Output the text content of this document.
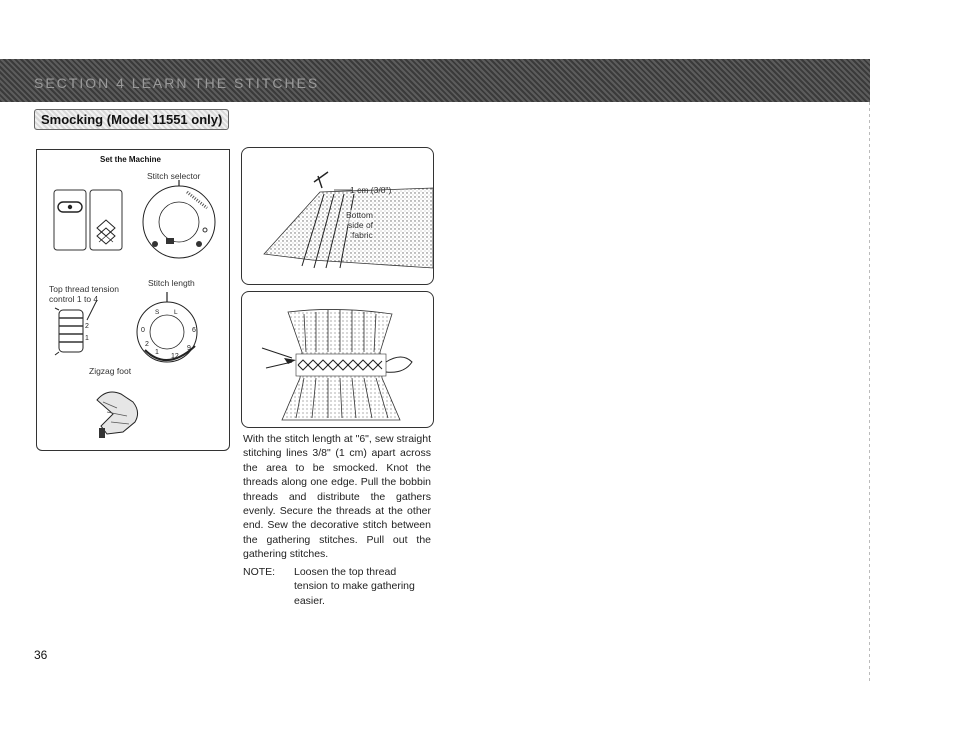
SECTION 4 LEARN THE STITCHES
Smocking (Model 11551 only)
Set the Machine
Stitch selector
2
1
S L
0
2
1
12
9
6
Top thread tension
control 1 to 4
Stitch length
Zigzag foot
1 cm (3/8")
Bottom
side of
fabric
With the stitch length at "6", sew straight stitching lines 3/8" (1 cm) apart across the area to be smocked. Knot the threads along one edge. Pull the bobbin threads and distribute the gathers evenly. Secure the threads at the other end. Sew the decorative stitch between the gathering stitches. Pull out the gathering stitches.
NOTE: Loosen the top thread tension to make gathering easier.
36
